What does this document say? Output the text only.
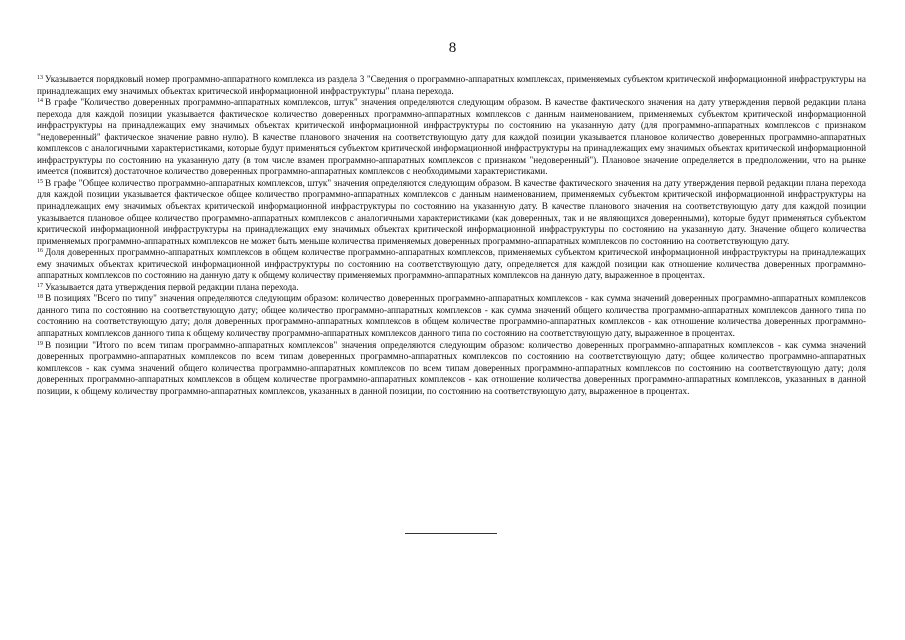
8

$^{13}$ Указывается порядковый номер программно-аппаратного комплекса из раздела 3 "Сведения о программно-аппаратных комплексах, применяемых субъектом критической информационной инфраструктуры на принадлежащих ему значимых объектах критической информационной инфраструктуры" плана перехода.

$^{14}$ В графе "Количество доверенных программно-аппаратных комплексов, штук" значения определяются следующим образом. В качестве фактического значения на дату утверждения первой редакции плана перехода для каждой позиции указывается фактическое количество доверенных программно-аппаратных комплексов с данным наименованием, применяемых субъектом критической информационной инфраструктуры на принадлежащих ему значимых объектах критической информационной инфраструктуры по состоянию на указанную дату (для программно-аппаратных комплексов с признаком "недоверенный" фактическое значение равно нулю). В качестве планового значения на соответствующую дату для каждой позиции указывается плановое количество доверенных программно-аппаратных комплексов с аналогичными характеристиками, которые будут применяться субъектом критической информационной инфраструктуры на принадлежащих ему значимых объектах критической информационной инфраструктуры по состоянию на указанную дату (в том числе взамен программно-аппаратных комплексов с признаком "недоверенный"). Плановое значение определяется в предположении, что на рынке имеется (появится) достаточное количество доверенных программно-аппаратных комплексов с необходимыми характеристиками.

$^{15}$ В графе "Общее количество программно-аппаратных комплексов, штук" значения определяются следующим образом. В качестве фактического значения на дату утверждения первой редакции плана перехода для каждой позиции указывается фактическое общее количество программно-аппаратных комплексов с данным наименованием, применяемых субъектом критической информационной инфраструктуры на принадлежащих ему значимых объектах критической информационной инфраструктуры по состоянию на указанную дату. В качестве планового значения на соответствующую дату для каждой позиции указывается плановое общее количество программно-аппаратных комплексов с аналогичными характеристиками (как доверенных, так и не являющихся доверенными), которые будут применяться субъектом критической информационной инфраструктуры на принадлежащих ему значимых объектах критической информационной инфраструктуры по состоянию на указанную дату. Значение общего количества применяемых программно-аппаратных комплексов не может быть меньше количества применяемых доверенных программно-аппаратных комплексов по состоянию на соответствующую дату.

$^{16}$ Доля доверенных программно-аппаратных комплексов в общем количестве программно-аппаратных комплексов, применяемых субъектом критической информационной инфраструктуры на принадлежащих ему значимых объектах критической информационной инфраструктуры по состоянию на соответствующую дату, определяется для каждой позиции как отношение количества доверенных программно-аппаратных комплексов по состоянию на данную дату к общему количеству применяемых программно-аппаратных комплексов на данную дату, выраженное в процентах.

$^{17}$ Указывается дата утверждения первой редакции плана перехода.

$^{18}$ В позициях "Всего по типу" значения определяются следующим образом: количество доверенных программно-аппаратных комплексов - как сумма значений доверенных программно-аппаратных комплексов данного типа по состоянию на соответствующую дату; общее количество программно-аппаратных комплексов - как сумма значений общего количества программно-аппаратных комплексов данного типа по состоянию на соответствующую дату; доля доверенных программно-аппаратных комплексов в общем количестве программно-аппаратных комплексов - как отношение количества доверенных программно-аппаратных комплексов данного типа к общему количеству программно-аппаратных комплексов данного типа по состоянию на соответствующую дату, выраженное в процентах.

$^{19}$ В позиции "Итого по всем типам программно-аппаратных комплексов" значения определяются следующим образом: количество доверенных программно-аппаратных комплексов - как сумма значений доверенных программно-аппаратных комплексов по всем типам доверенных программно-аппаратных комплексов по состоянию на соответствующую дату; общее количество программно-аппаратных комплексов - как сумма значений общего количества программно-аппаратных комплексов по всем типам доверенных программно-аппаратных комплексов по состоянию на соответствующую дату; доля доверенных программно-аппаратных комплексов в общем количестве программно-аппаратных комплексов - как отношение количества доверенных программно-аппаратных комплексов, указанных в данной позиции, к общему количеству программно-аппаратных комплексов, указанных в данной позиции, по состоянию на соответствующую дату, выраженное в процентах.
